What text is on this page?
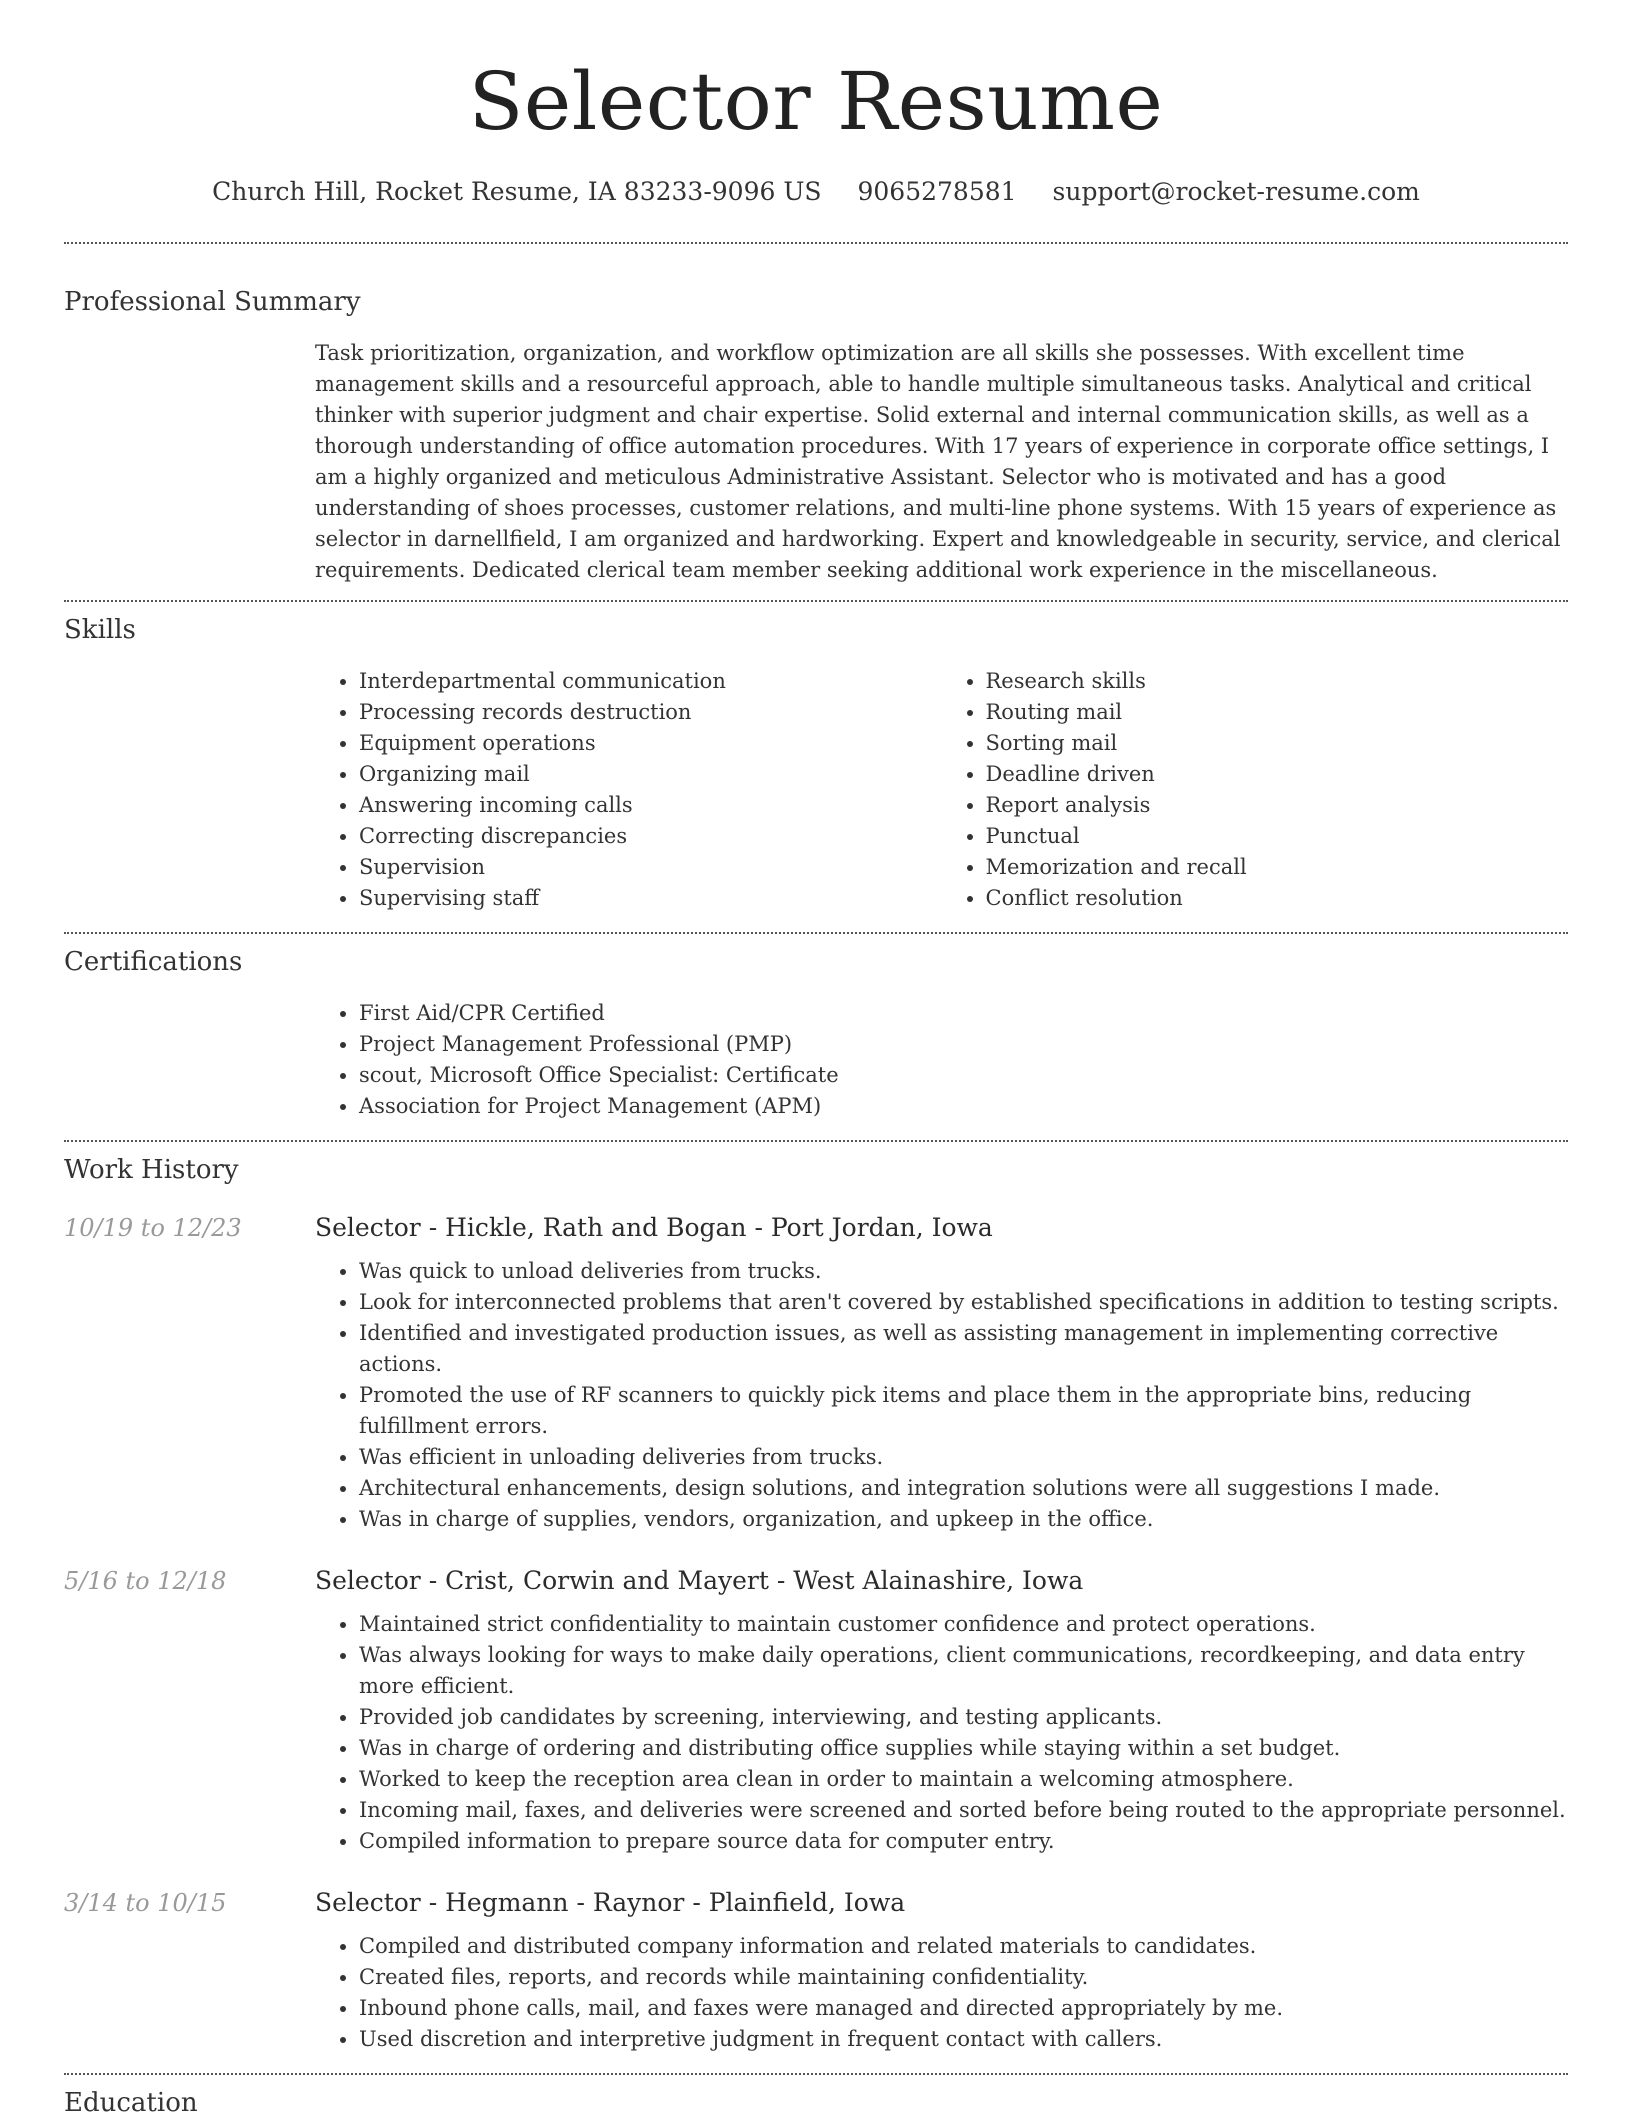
Selector Resume
Church Hill, Rocket Resume, IA 83233-9096 US 9065278581 support@rocket-resume.com
Professional Summary

Task prioritization, organization, and workflow optimization are all skills she possesses. With excellent time management skills and a resourceful approach, able to handle multiple simultaneous tasks. Analytical and critical thinker with superior judgment and chair expertise. Solid external and internal communication skills, as well as a thorough understanding of office automation procedures. With 17 years of experience in corporate office settings, I am a highly organized and meticulous Administrative Assistant. Selector who is motivated and has a good understanding of shoes processes, customer relations, and multi-line phone systems. With 15 years of experience as selector in darnellfield, I am organized and hardworking. Expert and knowledgeable in security, service, and clerical requirements. Dedicated clerical team member seeking additional work experience in the miscellaneous.

Skills
• Interdepartmental communication
• Processing records destruction
• Equipment operations
• Organizing mail
• Answering incoming calls
• Correcting discrepancies
• Supervision
• Supervising staff
• Research skills
• Routing mail
• Sorting mail
• Deadline driven
• Report analysis
• Punctual
• Memorization and recall
• Conflict resolution
Certifications
• First Aid/CPR Certified
• Project Management Professional (PMP)
• scout, Microsoft Office Specialist: Certificate
• Association for Project Management (APM)
Work History
10/19 to 12/23	Selector - Hickle, Rath and Bogan - Port Jordan, Iowa
• Was quick to unload deliveries from trucks.
• Look for interconnected problems that aren't covered by established specifications in addition to testing scripts.
• Identified and investigated production issues, as well as assisting management in implementing corrective actions.
• Promoted the use of RF scanners to quickly pick items and place them in the appropriate bins, reducing fulfillment errors.
• Was efficient in unloading deliveries from trucks.
• Architectural enhancements, design solutions, and integration solutions were all suggestions I made.
• Was in charge of supplies, vendors, organization, and upkeep in the office.
5/16 to 12/18	Selector - Crist, Corwin and Mayert - West Alainashire, Iowa
• Maintained strict confidentiality to maintain customer confidence and protect operations.
• Was always looking for ways to make daily operations, client communications, recordkeeping, and data entry more efficient.
• Provided job candidates by screening, interviewing, and testing applicants.
• Was in charge of ordering and distributing office supplies while staying within a set budget.
• Worked to keep the reception area clean in order to maintain a welcoming atmosphere.
• Incoming mail, faxes, and deliveries were screened and sorted before being routed to the appropriate personnel.
• Compiled information to prepare source data for computer entry.
3/14 to 10/15	Selector - Hegmann - Raynor - Plainfield, Iowa
• Compiled and distributed company information and related materials to candidates.
• Created files, reports, and records while maintaining confidentiality.
• Inbound phone calls, mail, and faxes were managed and directed appropriately by me.
• Used discretion and interpretive judgment in frequent contact with callers.
Education
